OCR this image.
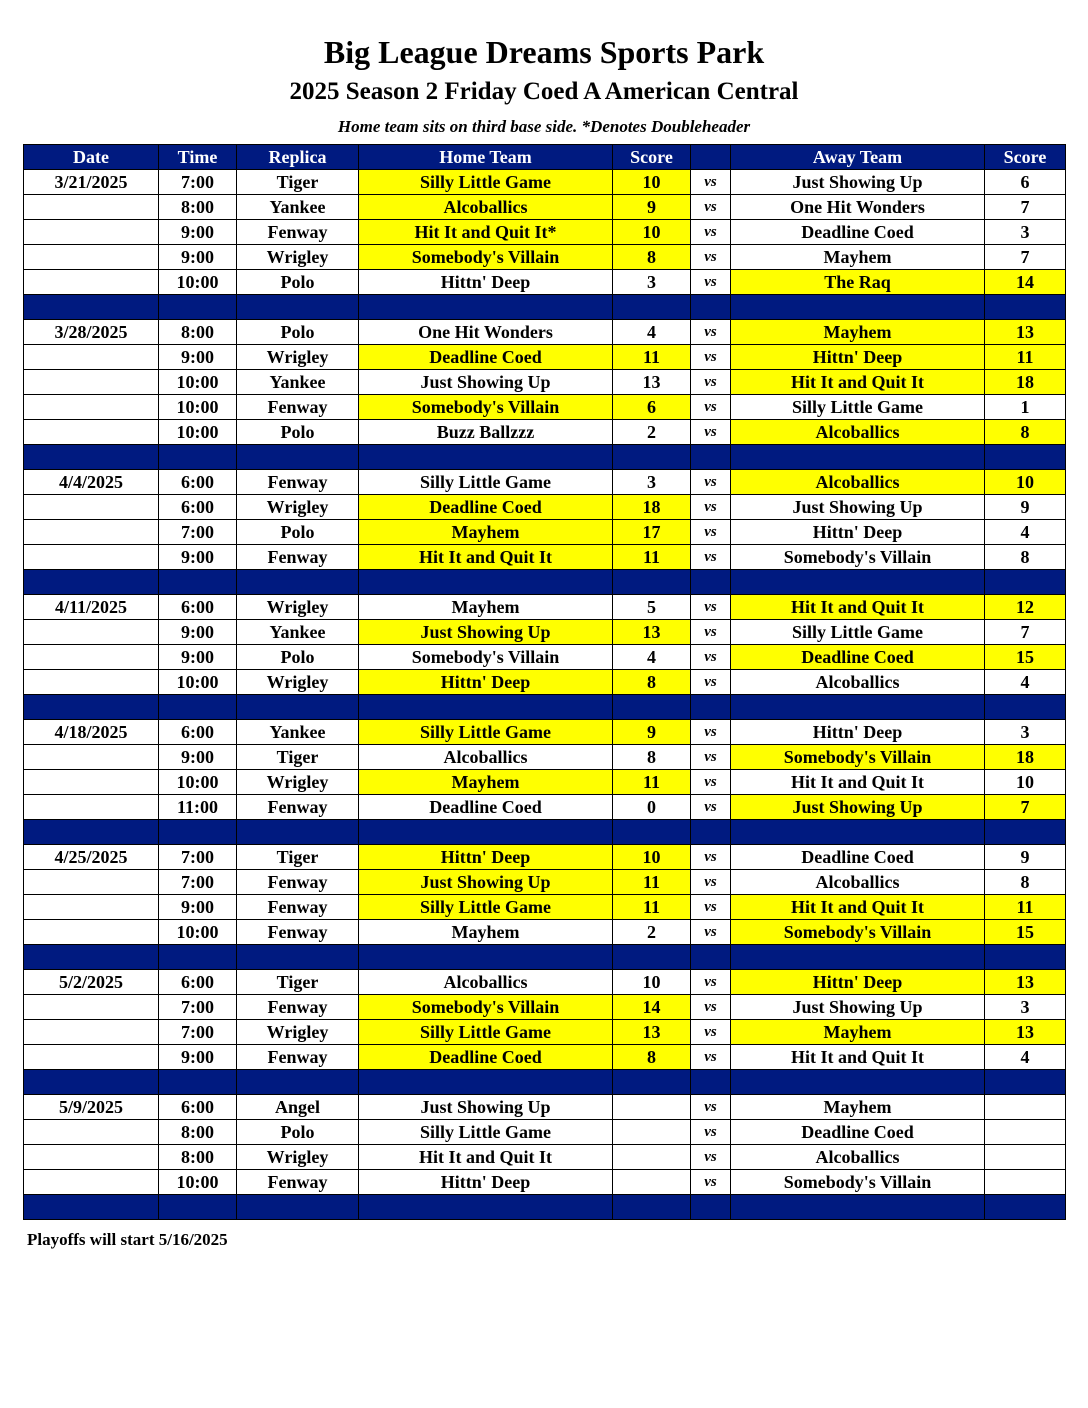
Big League Dreams Sports Park
2025 Season 2 Friday Coed A American Central
Home team sits on third base side. *Denotes Doubleheader
Date	Time	Replica	Home Team	Score		Away Team	Score
3/21/2025	7:00	Tiger	Silly Little Game	10	vs	Just Showing Up	6
	8:00	Yankee	Alcoballics	9	vs	One Hit Wonders	7
	9:00	Fenway	Hit It and Quit It*	10	vs	Deadline Coed	3
	9:00	Wrigley	Somebody's Villain	8	vs	Mayhem	7
	10:00	Polo	Hittn' Deep	3	vs	The Raq	14

3/28/2025	8:00	Polo	One Hit Wonders	4	vs	Mayhem	13
	9:00	Wrigley	Deadline Coed	11	vs	Hittn' Deep	11
	10:00	Yankee	Just Showing Up	13	vs	Hit It and Quit It	18
	10:00	Fenway	Somebody's Villain	6	vs	Silly Little Game	1
	10:00	Polo	Buzz Ballzzz	2	vs	Alcoballics	8

4/4/2025	6:00	Fenway	Silly Little Game	3	vs	Alcoballics	10
	6:00	Wrigley	Deadline Coed	18	vs	Just Showing Up	9
	7:00	Polo	Mayhem	17	vs	Hittn' Deep	4
	9:00	Fenway	Hit It and Quit It	11	vs	Somebody's Villain	8

4/11/2025	6:00	Wrigley	Mayhem	5	vs	Hit It and Quit It	12
	9:00	Yankee	Just Showing Up	13	vs	Silly Little Game	7
	9:00	Polo	Somebody's Villain	4	vs	Deadline Coed	15
	10:00	Wrigley	Hittn' Deep	8	vs	Alcoballics	4

4/18/2025	6:00	Yankee	Silly Little Game	9	vs	Hittn' Deep	3
	9:00	Tiger	Alcoballics	8	vs	Somebody's Villain	18
	10:00	Wrigley	Mayhem	11	vs	Hit It and Quit It	10
	11:00	Fenway	Deadline Coed	0	vs	Just Showing Up	7

4/25/2025	7:00	Tiger	Hittn' Deep	10	vs	Deadline Coed	9
	7:00	Fenway	Just Showing Up	11	vs	Alcoballics	8
	9:00	Fenway	Silly Little Game	11	vs	Hit It and Quit It	11
	10:00	Fenway	Mayhem	2	vs	Somebody's Villain	15

5/2/2025	6:00	Tiger	Alcoballics	10	vs	Hittn' Deep	13
	7:00	Fenway	Somebody's Villain	14	vs	Just Showing Up	3
	7:00	Wrigley	Silly Little Game	13	vs	Mayhem	13
	9:00	Fenway	Deadline Coed	8	vs	Hit It and Quit It	4

5/9/2025	6:00	Angel	Just Showing Up		vs	Mayhem	
	8:00	Polo	Silly Little Game		vs	Deadline Coed	
	8:00	Wrigley	Hit It and Quit It		vs	Alcoballics	
	10:00	Fenway	Hittn' Deep		vs	Somebody's Villain	

Playoffs will start 5/16/2025
